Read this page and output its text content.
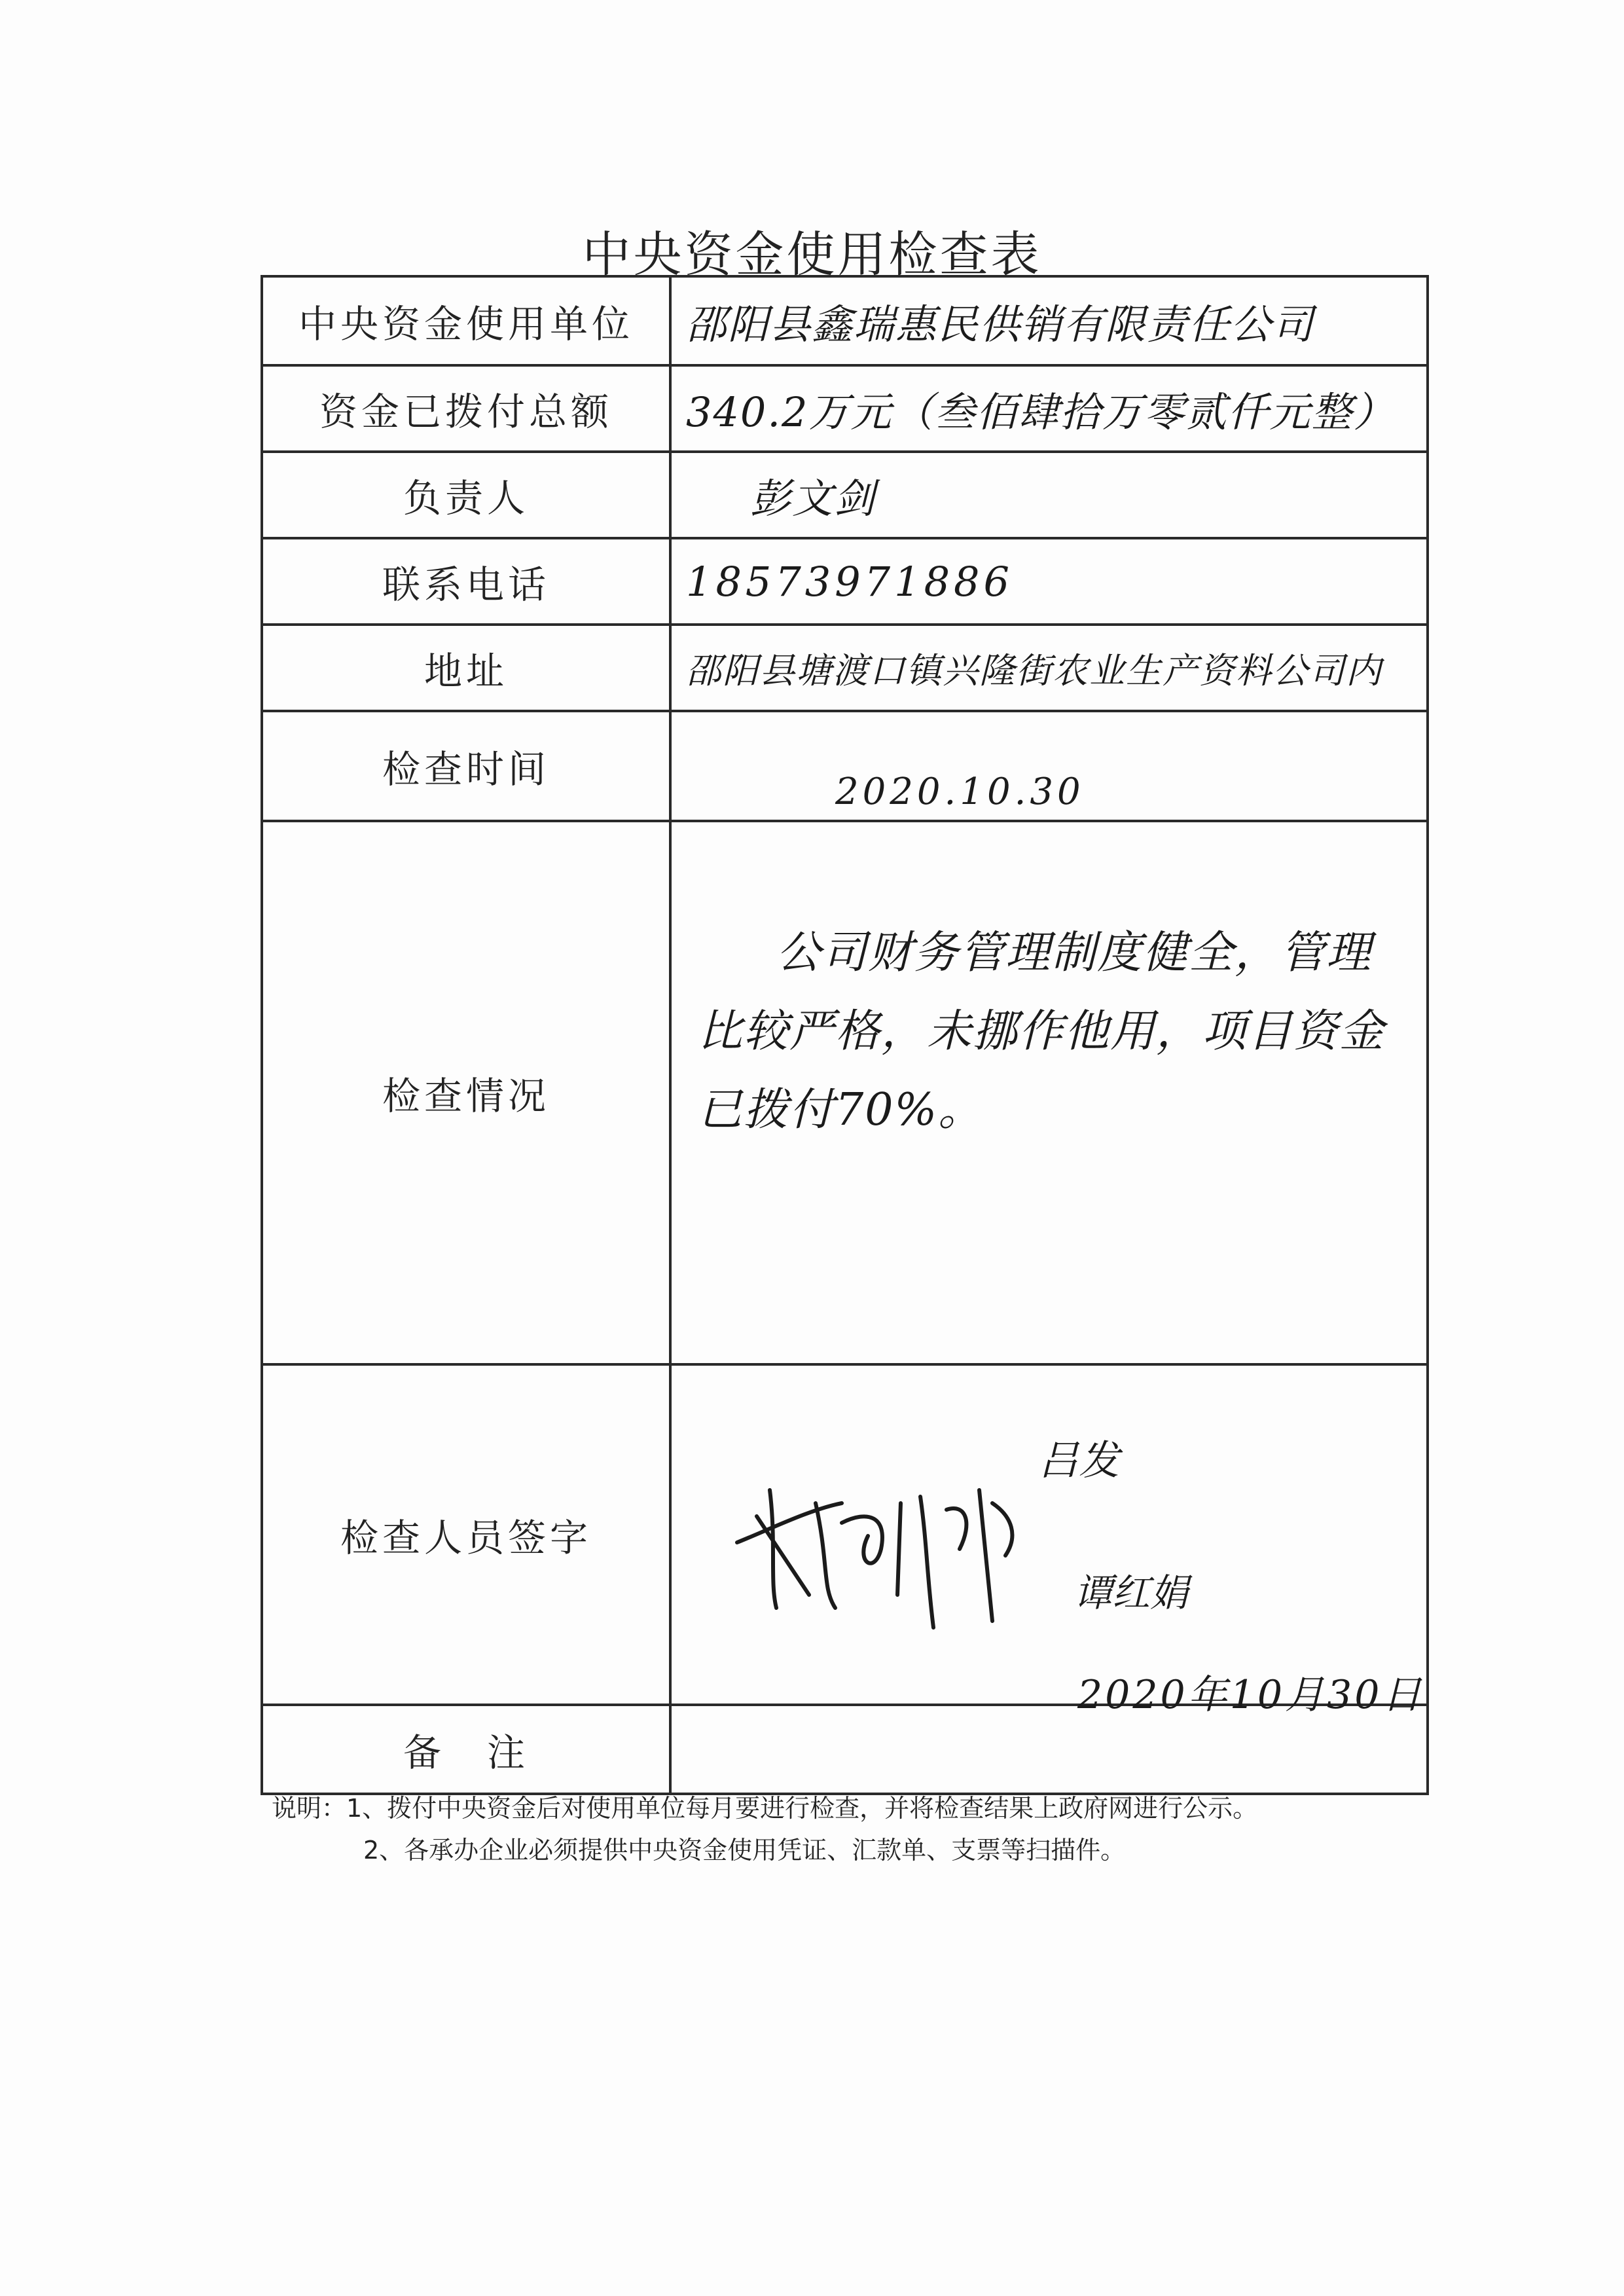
中央资金使用检查表
中央资金使用单位	邵阳县鑫瑞惠民供销有限责任公司

资金已拨付总额	340.2万元（叁佰肆拾万零贰仟元整）

负责人	彭文剑

联系电话	18573971886

地址	邵阳县塘渡口镇兴隆街农业生产资料公司内

检查时间	2020.10.30

检查情况	公司财务管理制度健全，管理比较严格，未挪作他用，项目资金已拨付70%。

检查人员签字	吕发
谭红娟
2020年10月30日

备　注	
说明：1、拨付中央资金后对使用单位每月要进行检查，并将检查结果上政府网进行公示。
2、各承办企业必须提供中央资金使用凭证、汇款单、支票等扫描件。
